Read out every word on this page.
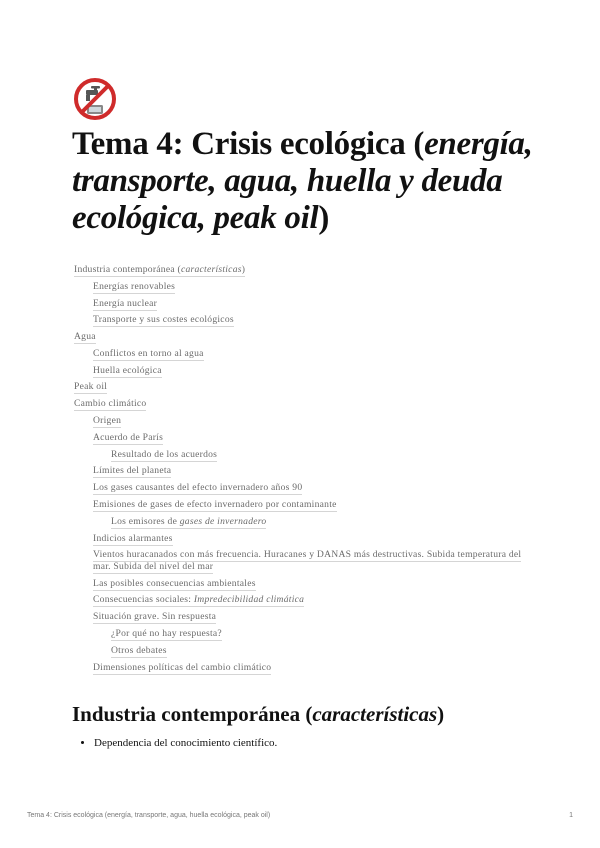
Tema 4: Crisis ecológica (energía, transporte, agua, huella y deuda ecológica, peak oil)
Industria contemporánea (características)
Energías renovables
Energía nuclear
Transporte y sus costes ecológicos
Agua
Conflictos en torno al agua
Huella ecológica
Peak oil
Cambio climático
Origen
Acuerdo de París
Resultado de los acuerdos
Límites del planeta
Los gases causantes del efecto invernadero años 90
Emisiones de gases de efecto invernadero por contaminante
Los emisores de gases de invernadero
Indicios alarmantes
Vientos huracanados con más frecuencia. Huracanes y DANAS más destructivas. Subida temperatura del mar. Subida del nivel del mar
Las posibles consecuencias ambientales
Consecuencias sociales: Impredecibilidad climática
Situación grave. Sin respuesta
¿Por qué no hay respuesta?
Otros debates
Dimensiones políticas del cambio climático
Industria contemporánea (características)
• Dependencia del conocimiento científico.
Tema 4: Crisis ecológica (energía, transporte, agua, huella ecológica, peak oil)	1
